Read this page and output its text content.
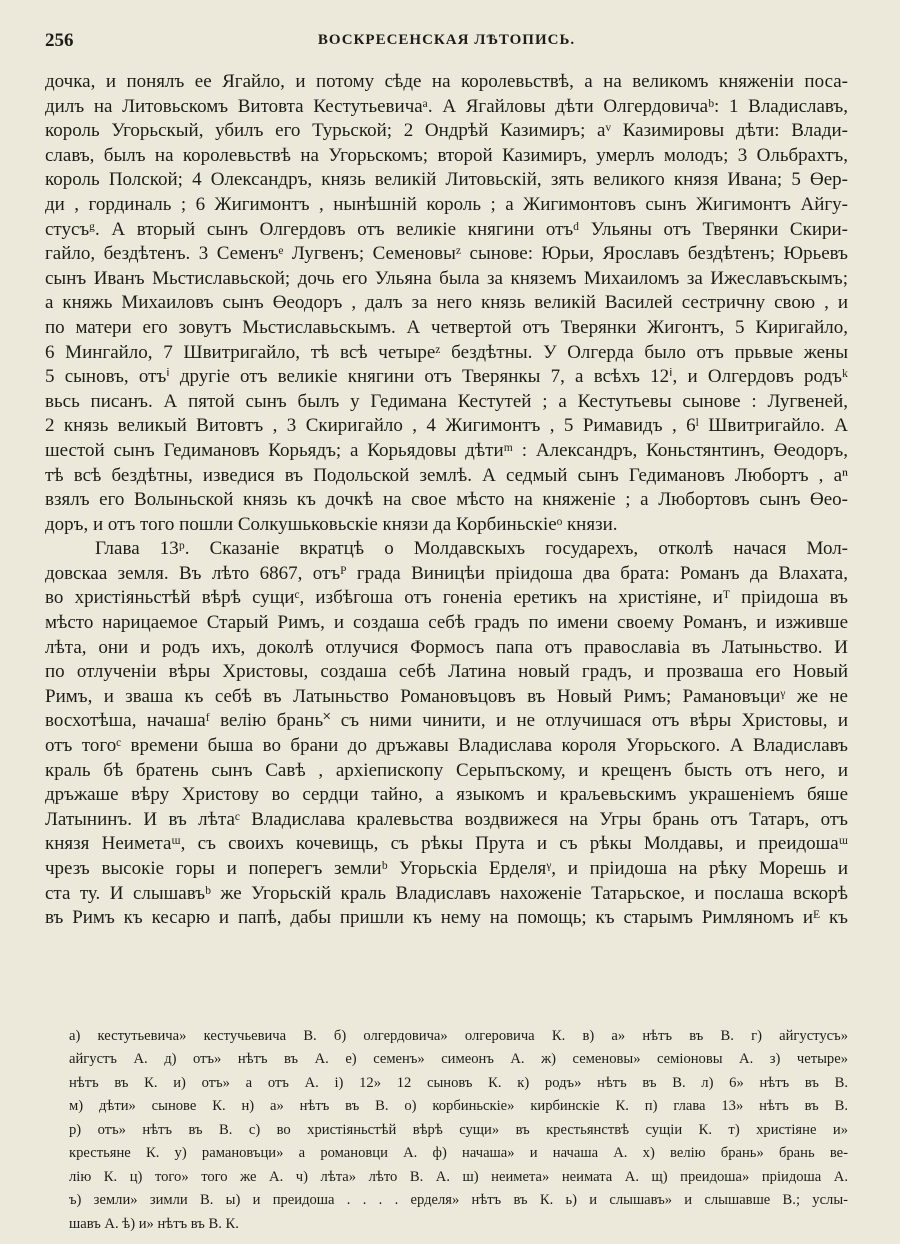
256	ВОСКРЕСЕНСКАЯ ЛѢТОПИСЬ.
дочка, и понялъ ее Ягайло, и потому сѣде на королевьствѣ, а на великомъ княженіи поса-
дилъ на Литовьскомъ Витовта Кестутьевичаᵃ. А Ягайловы дѣти Олгердовичаᵇ: 1 Владиславъ,
король Угорьскый, убилъ его Турьской; 2 Ондрѣй Казимиръ; аᵛ Казимировы дѣти: Влади-
славъ, былъ на королевьствѣ на Угорьскомъ; второй Казимиръ, умерлъ молодъ; 3 Ольбрахтъ,
король Полской; 4 Олександръ, князь великій Литовьскій, зять великого князя Ивана; 5 Өер-
ди , гординаль ; 6 Жигимонтъ , нынѣшній король ; а Жигимонтовъ сынъ Жигимонтъ Айгу-
стусъᵍ. А вторый сынъ Олгердовъ отъ великіе княгини отъᵈ Ульяны отъ Тверянки Скири-
гайло, бездѣтенъ. 3 Семенъᵉ Лугвенъ; Семеновыᶻ сынове: Юрьи, Ярославъ бездѣтенъ; Юрьевъ
сынъ Иванъ Мьстиславьской; дочь его Ульяна была за княземъ Михаиломъ за Ижеславъскымъ;
а княжь Михаиловъ сынъ Өеодоръ , далъ за него князь великій Василей сестричну свою , и
по матери его зовутъ Мьстиславьскымъ. А четвертой отъ Тверянки Жигонтъ, 5 Киригайло,
6 Мингайло, 7 Швитригайло, тѣ всѣ четыреᶻ бездѣтны. У Олгерда было отъ прьвые жены
5 сыновъ, отъⁱ другіе отъ великіе княгини отъ Тверянкы 7, а всѣхъ 12ⁱ, и Олгердовъ родъᵏ
вьсь писанъ. А пятой сынъ былъ у Гедимана Кестутей ; а Кестутьевы сынове : Лугвеней,
2 князь великый Витовтъ , 3 Скиригайло , 4 Жигимонтъ , 5 Римавидъ , 6ˡ Швитригайло. А
шестой сынъ Гедимановъ Корьядъ; а Корьядовы дѣтиᵐ : Александръ, Коньстянтинъ, Өеодоръ,
тѣ всѣ бездѣтны, изведися въ Подольской землѣ. А седмый сынъ Гедимановъ Любортъ , аⁿ
взялъ его Волыньской князь къ дочкѣ на свое мѣсто на княженіе ; а Любортовъ сынъ Өео-
доръ, и отъ того пошли Солкушьковьскіе князи да Корбиньскіеᵒ князи.
Глава 13ᵖ. Сказаніе вкратцѣ о Молдавскыхъ государехъ, отколѣ начася Мол-
довскаа земля. Въ лѣто 6867, отъᴾ града Виницѣи пріидоша два брата: Романъ да Влахата,
во христіяньстѣй вѣрѣ сущиᶜ, избѣгоша отъ гоненіа еретикъ на христіяне, иᵀ пріидоша въ
мѣсто нарицаемое Старый Римъ, и создаша себѣ градъ по имени своему Романъ, и изживше
лѣта, они и родъ ихъ, доколѣ отлучися Формосъ папа отъ православіа въ Латыньство. И
по отлученіи вѣры Христовы, создаша себѣ Латина новый градъ, и прозваша его Новый
Римъ, и зваша къ себѣ въ Латыньство Романовъцовъ въ Новый Римъ; Рамановъциᵞ же не
восхотѣша, начашаᶠ велію брань˟ съ ними чинити, и не отлучишася отъ вѣры Христовы, и
отъ тогоᶜ времени быша во брани до дръжавы Владислава короля Угорьского. А Владиславъ
краль бѣ братень сынъ Савѣ , архіепископу Серьпъскому, и крещенъ бысть отъ него, и
дръжаше вѣру Христову во сердци тайно, а языкомъ и краљевьскимъ украшеніемъ бяше
Латынинъ. И въ лѣтаᶜ Владислава кралевьства воздвижеся на Угры брань отъ Татаръ, отъ
князя Неиметаᵚ, съ своихъ кочевищь, съ рѣкы Прута и съ рѣкы Молдавы, и преидошаᵚ
чрезъ высокіе горы и поперегъ землиᵇ Угорьскіа Ерделяᵞ, и пріидоша на рѣку Морешь и
ста ту. И слышавъᵇ же Угорьскій краль Владиславъ нахоженіе Татарьское, и послаша вскорѣ
въ Римъ къ кесарю и папѣ, дабы пришли къ нему на помощь; къ старымъ Римляномъ иᴱ къ
а) кестутьевича» кестучьевича В. б) олгердовича» олгеровича К. в) а» нѣтъ въ В. г) айгустусъ»
айгустъ А. д) отъ» нѣтъ въ А. е) семенъ» симеонъ А. ж) семеновы» семіоновы А. з) четыре»
нѣтъ въ К. и) отъ» а отъ А. і) 12» 12 сыновъ К. к) родъ» нѣтъ въ В. л) 6» нѣтъ въ В.
м) дѣти» сынове К. н) а» нѣтъ въ В. о) корбиньскіе» кирбинскіе К. п) глава 13» нѣтъ въ В.
р) отъ» нѣтъ въ В. с) во христіяньстѣй вѣрѣ сущи» въ крестьянствѣ сущіи К. т) христіяне и»
крестьяне К. у) рамановъци» а романовци А. ф) начаша» и начаша А. х) велію брань» брань ве-
лію К. ц) того» того же А. ч) лѣта» лѣто В. А. ш) неимета» неимата А. щ) преидоша» пріидоша А.
ъ) земли» зимли В. ы) и преидоша . . . . ерделя» нѣтъ въ К. ь) и слышавъ» и слышавше В.; услы-
шавъ А. ѣ) и» нѣтъ въ В. К.
